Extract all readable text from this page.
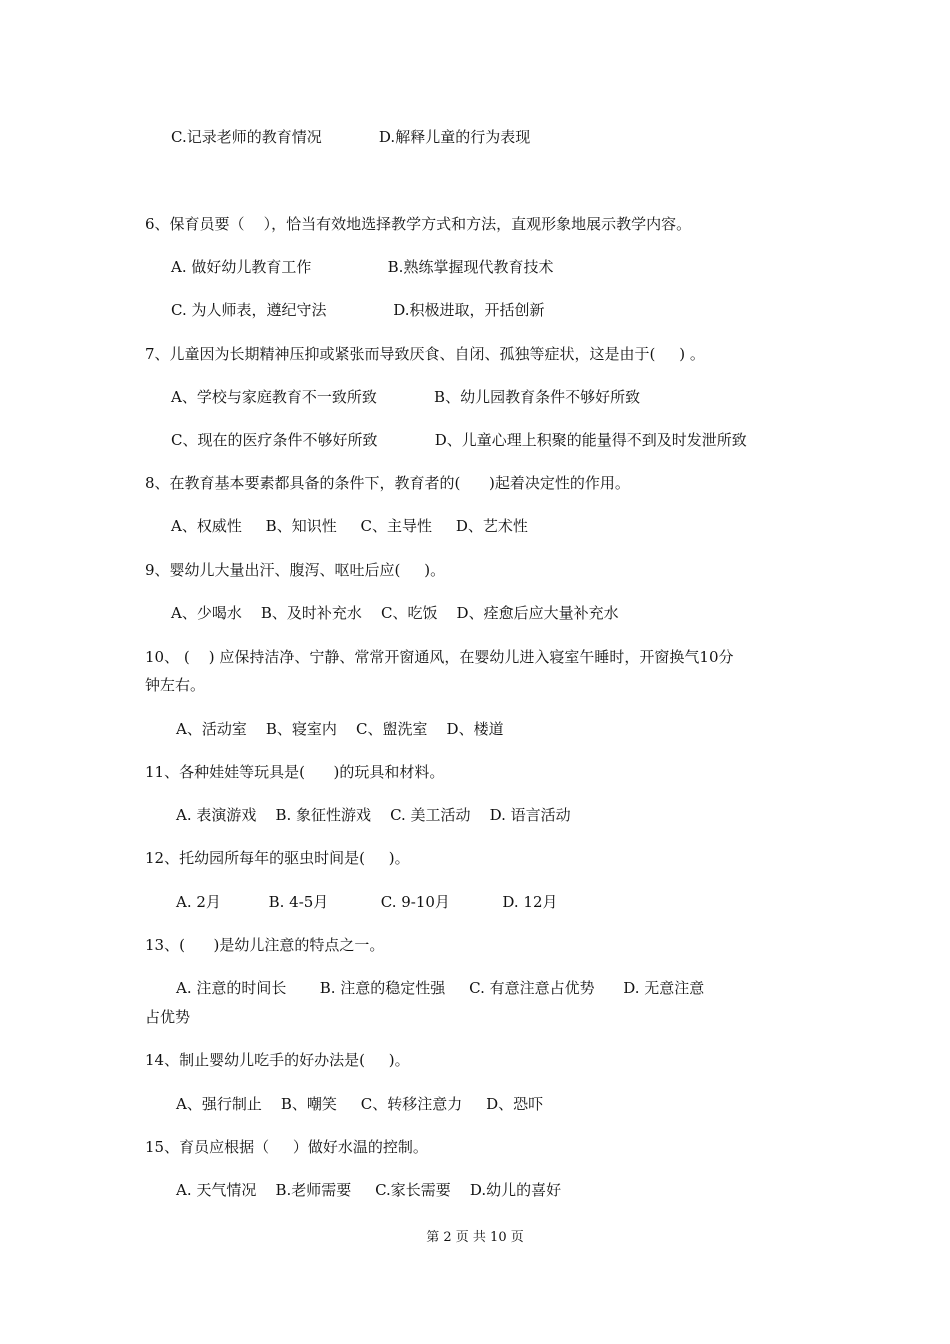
C.记录老师的教育情况            D.解释儿童的行为表现
6、保育员要（    ），恰当有效地选择教学方式和方法，直观形象地展示教学内容。
A. 做好幼儿教育工作                B.熟练掌握现代教育技术
C. 为人师表，遵纪守法              D.积极进取，开括创新
7、儿童因为长期精神压抑或紧张而导致厌食、自闭、孤独等症状，这是由于(     ) 。
A、学校与家庭教育不一致所致            B、幼儿园教育条件不够好所致
C、现在的医疗条件不够好所致            D、儿童心理上积聚的能量得不到及时发泄所致
8、在教育基本要素都具备的条件下，教育者的(      )起着决定性的作用。
A、权威性     B、知识性     C、主导性     D、艺术性
9、婴幼儿大量出汗、腹泻、呕吐后应(     )。
A、少喝水    B、及时补充水    C、吃饭    D、痊愈后应大量补充水
10、 (    ) 应保持洁净、宁静、常常开窗通风，在婴幼儿进入寝室午睡时，开窗换气10分
钟左右。
A、活动室    B、寝室内    C、盥洗室    D、楼道
11、各种娃娃等玩具是(      )的玩具和材料。
A. 表演游戏    B. 象征性游戏    C. 美工活动    D. 语言活动
12、托幼园所每年的驱虫时间是(     )。
A. 2月          B. 4-5月           C. 9-10月           D. 12月
13、(      )是幼儿注意的特点之一。
A. 注意的时间长       B. 注意的稳定性强     C. 有意注意占优势      D. 无意注意
占优势
14、制止婴幼儿吃手的好办法是(     )。
A、强行制止    B、嘲笑     C、转移注意力     D、恐吓
15、育员应根据（     ）做好水温的控制。
A. 天气情况    B.老师需要     C.家长需要    D.幼儿的喜好
第 2 页 共 10 页
